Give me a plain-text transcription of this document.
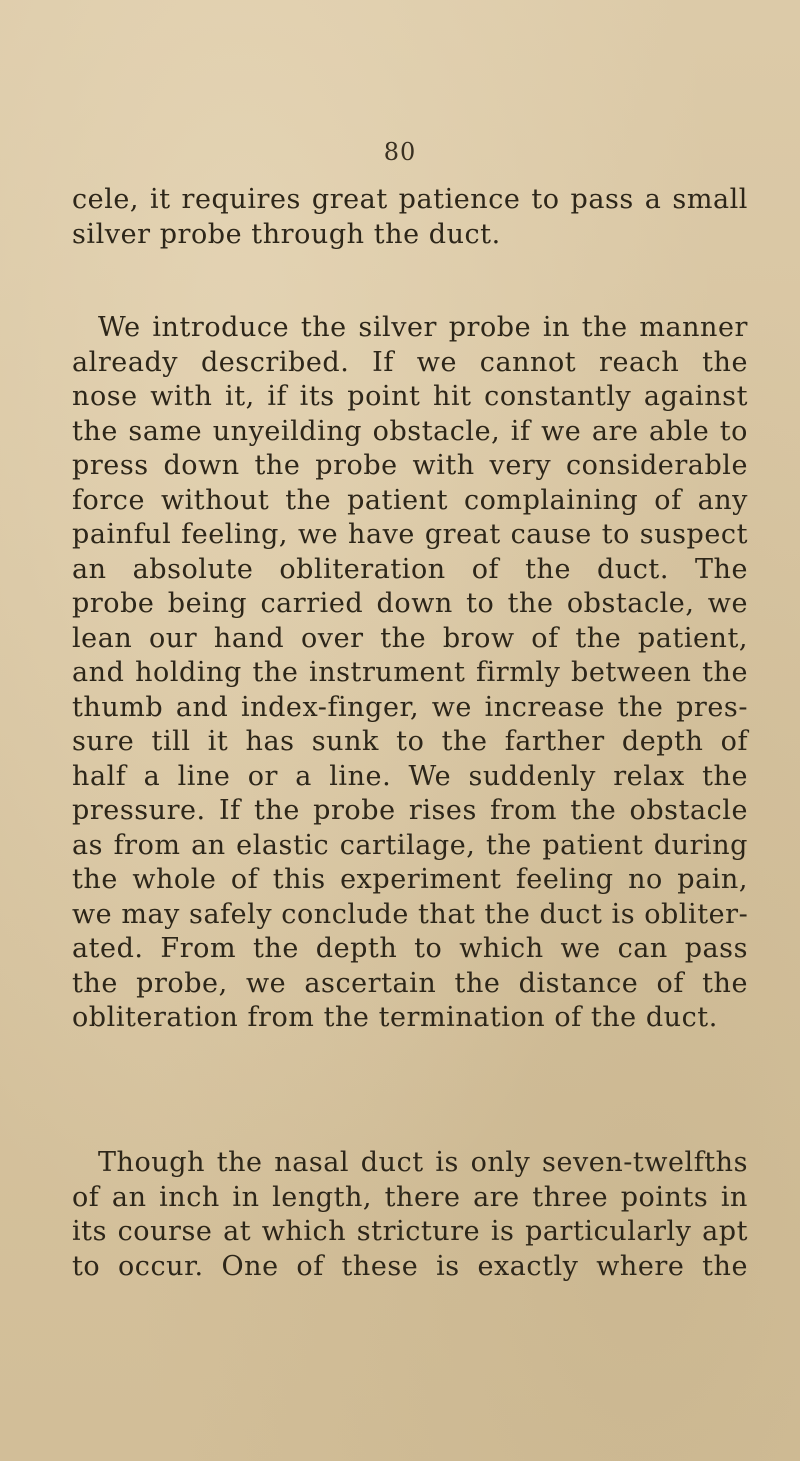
80
cele, it requires great patience to pass a small
silver probe through the duct.
We introduce the silver probe in the manner
already described. If we cannot reach the
nose with it, if its point hit constantly against
the same unyeilding obstacle, if we are able to
press down the probe with very considerable
force without the patient complaining of any
painful feeling, we have great cause to suspect
an absolute obliteration of the duct. The
probe being carried down to the obstacle, we
lean our hand over the brow of the patient,
and holding the instrument firmly between the
thumb and index-finger, we increase the pres-
sure till it has sunk to the farther depth of
half a line or a line. We suddenly relax the
pressure. If the probe rises from the obstacle
as from an elastic cartilage, the patient during
the whole of this experiment feeling no pain,
we may safely conclude that the duct is obliter-
ated. From the depth to which we can pass
the probe, we ascertain the distance of the
obliteration from the termination of the duct.
Though the nasal duct is only seven-twelfths
of an inch in length, there are three points in
its course at which stricture is particularly apt
to occur. One of these is exactly where the
